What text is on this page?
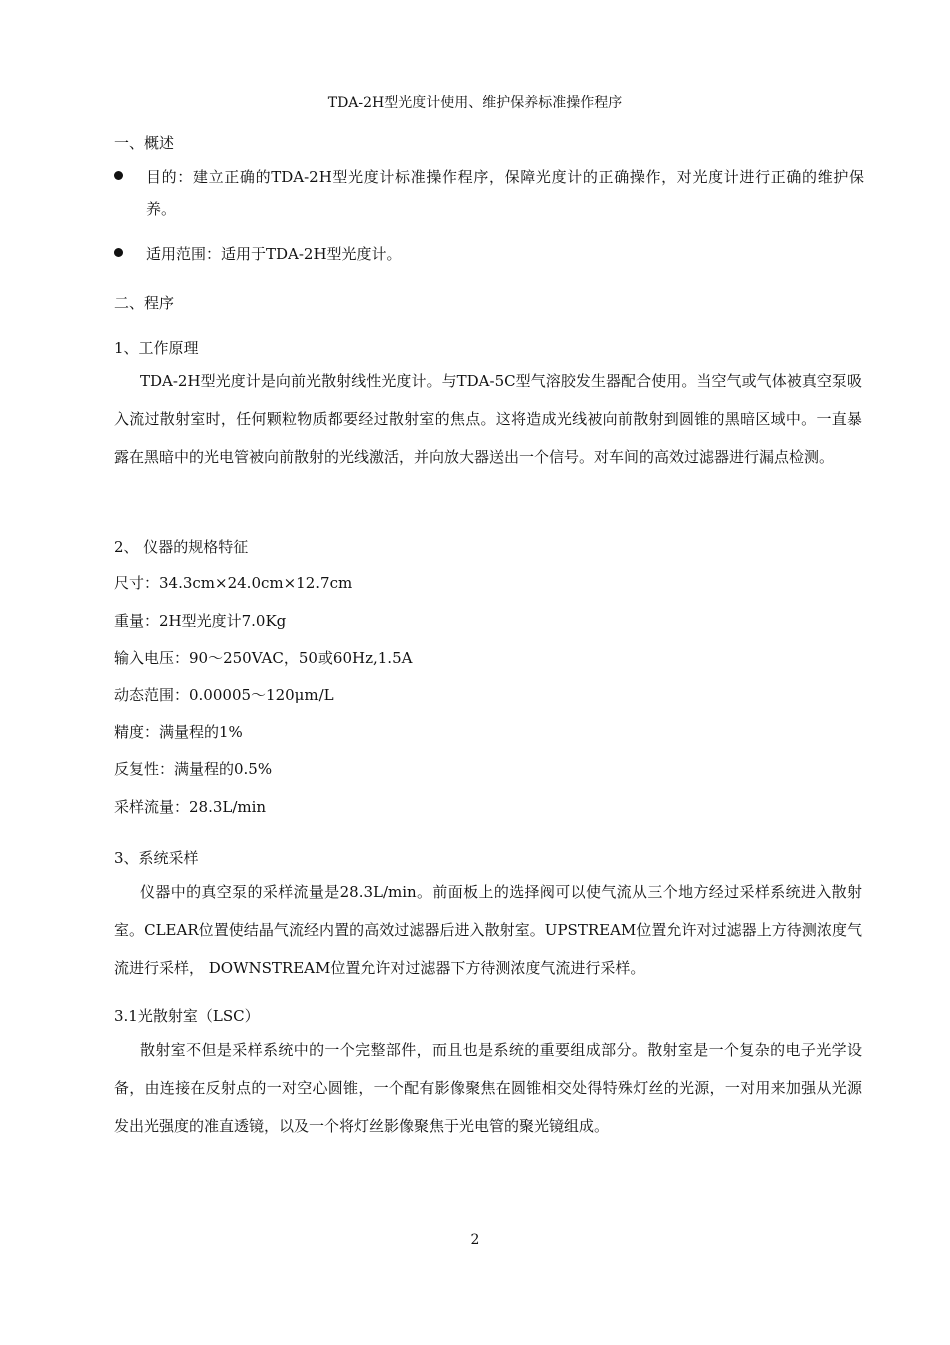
TDA-2H型光度计使用、维护保养标准操作程序
一、概述
目的：建立正确的TDA-2H型光度计标准操作程序，保障光度计的正确操作，对光度计进行正确的维护保养。
适用范围：适用于TDA-2H型光度计。
二、程序
1、工作原理
TDA-2H型光度计是向前光散射线性光度计。与TDA-5C型气溶胶发生器配合使用。当空气或气体被真空泵吸入流过散射室时，任何颗粒物质都要经过散射室的焦点。这将造成光线被向前散射到圆锥的黑暗区域中。一直暴露在黑暗中的光电管被向前散射的光线激活，并向放大器送出一个信号。对车间的高效过滤器进行漏点检测。
2、 仪器的规格特征
尺寸：34.3cm×24.0cm×12.7cm
重量：2H型光度计7.0Kg
输入电压：90～250VAC，50或60Hz,1.5A
动态范围：0.00005～120μm/L
精度：满量程的1%
反复性：满量程的0.5%
采样流量：28.3L/min
3、系统采样
仪器中的真空泵的采样流量是28.3L/min。前面板上的选择阀可以使气流从三个地方经过采样系统进入散射室。CLEAR位置使结晶气流经内置的高效过滤器后进入散射室。UPSTREAM位置允许对过滤器上方待测浓度气流进行采样， DOWNSTREAM位置允许对过滤器下方待测浓度气流进行采样。
3.1光散射室（LSC）
散射室不但是采样系统中的一个完整部件，而且也是系统的重要组成部分。散射室是一个复杂的电子光学设备，由连接在反射点的一对空心圆锥，一个配有影像聚焦在圆锥相交处得特殊灯丝的光源，一对用来加强从光源发出光强度的准直透镜，以及一个将灯丝影像聚焦于光电管的聚光镜组成。
2
